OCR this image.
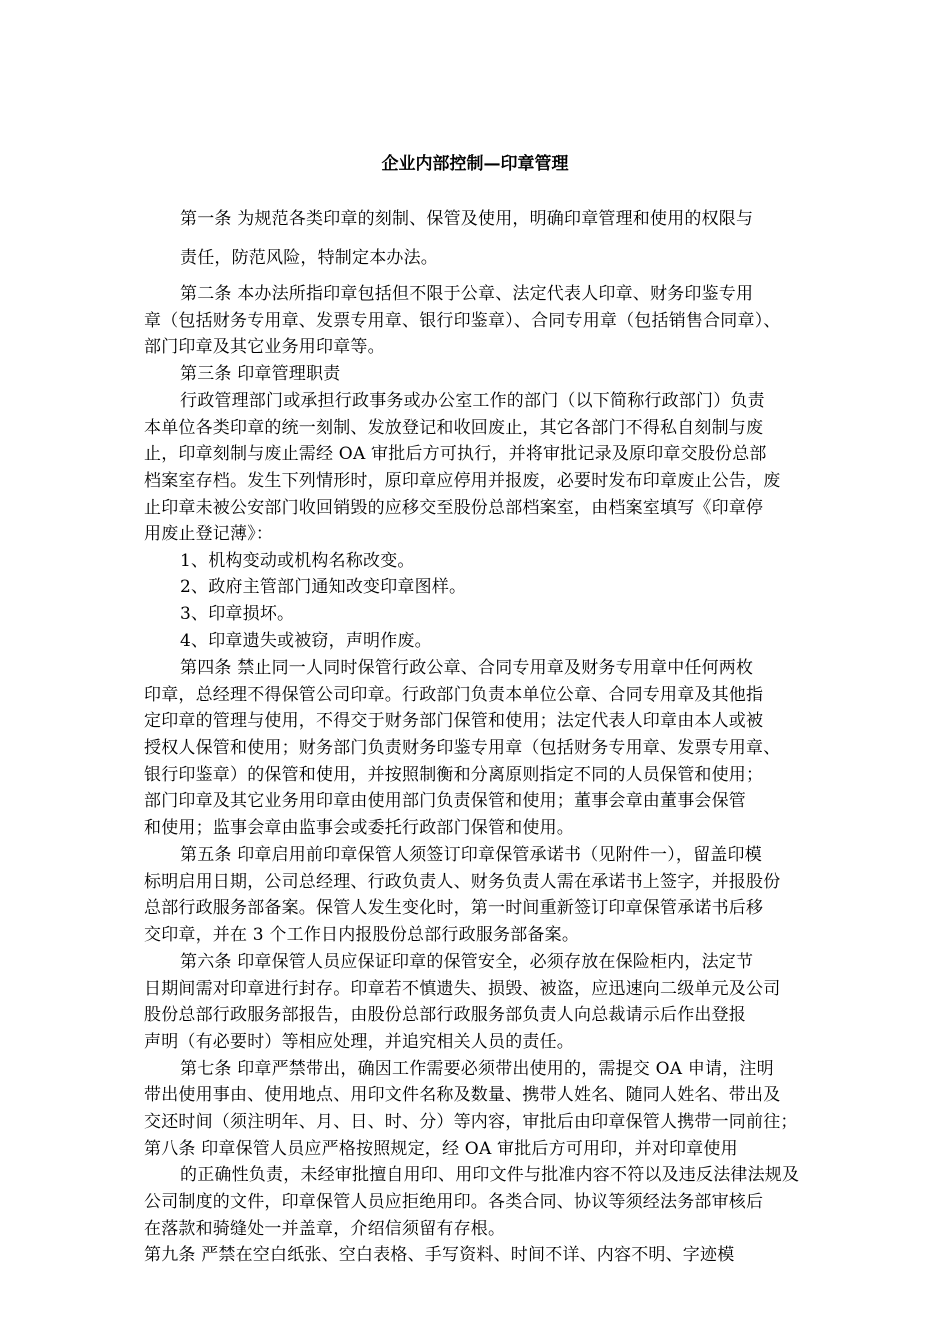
企业内部控制—印章管理
第一条 为规范各类印章的刻制、保管及使用，明确印章管理和使用的权限与
责任，防范风险，特制定本办法。
第二条 本办法所指印章包括但不限于公章、法定代表人印章、财务印鉴专用
章（包括财务专用章、发票专用章、银行印鉴章）、合同专用章（包括销售合同章）、
部门印章及其它业务用印章等。
第三条 印章管理职责
行政管理部门或承担行政事务或办公室工作的部门（以下简称行政部门）负责
本单位各类印章的统一刻制、发放登记和收回废止，其它各部门不得私自刻制与废
止，印章刻制与废止需经 OA 审批后方可执行，并将审批记录及原印章交股份总部
档案室存档。发生下列情形时，原印章应停用并报废，必要时发布印章废止公告，废
止印章未被公安部门收回销毁的应移交至股份总部档案室，由档案室填写《印章停
用废止登记薄》：
1、机构变动或机构名称改变。
2、政府主管部门通知改变印章图样。
3、印章损坏。
4、印章遗失或被窃，声明作废。
第四条 禁止同一人同时保管行政公章、合同专用章及财务专用章中任何两枚
印章，总经理不得保管公司印章。行政部门负责本单位公章、合同专用章及其他指
定印章的管理与使用，不得交于财务部门保管和使用；法定代表人印章由本人或被
授权人保管和使用；财务部门负责财务印鉴专用章（包括财务专用章、发票专用章、
银行印鉴章）的保管和使用，并按照制衡和分离原则指定不同的人员保管和使用；
部门印章及其它业务用印章由使用部门负责保管和使用；董事会章由董事会保管
和使用；监事会章由监事会或委托行政部门保管和使用。
第五条 印章启用前印章保管人须签订印章保管承诺书（见附件一），留盖印模
标明启用日期，公司总经理、行政负责人、财务负责人需在承诺书上签字，并报股份
总部行政服务部备案。保管人发生变化时，第一时间重新签订印章保管承诺书后移
交印章，并在 3 个工作日内报股份总部行政服务部备案。
第六条 印章保管人员应保证印章的保管安全，必须存放在保险柜内，法定节
日期间需对印章进行封存。印章若不慎遗失、损毁、被盗，应迅速向二级单元及公司
股份总部行政服务部报告，由股份总部行政服务部负责人向总裁请示后作出登报
声明（有必要时）等相应处理，并追究相关人员的责任。
第七条 印章严禁带出，确因工作需要必须带出使用的，需提交 OA 申请，注明
带出使用事由、使用地点、用印文件名称及数量、携带人姓名、随同人姓名、带出及
交还时间（须注明年、月、日、时、分）等内容，审批后由印章保管人携带一同前往；
第八条 印章保管人员应严格按照规定，经 OA 审批后方可用印，并对印章使用
的正确性负责，未经审批擅自用印、用印文件与批准内容不符以及违反法律法规及
公司制度的文件，印章保管人员应拒绝用印。各类合同、协议等须经法务部审核后
在落款和骑缝处一并盖章，介绍信须留有存根。
第九条 严禁在空白纸张、空白表格、手写资料、时间不详、内容不明、字迹模
